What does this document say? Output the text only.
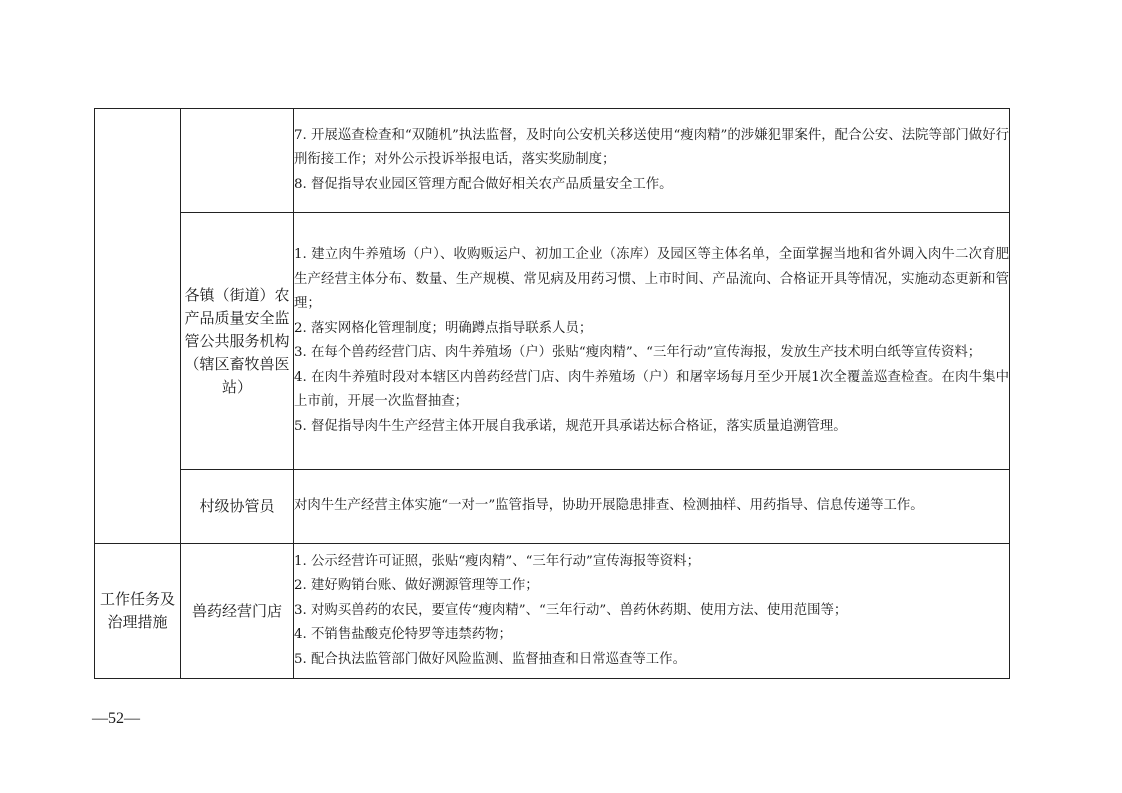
		7. 开展巡查检查和“双随机”执法监督，及时向公安机关移送使用“瘦肉精”的涉嫌犯罪案件，配合公安、法院等部门做好行刑衔接工作；对外公示投诉举报电话，落实奖励制度；
8. 督促指导农业园区管理方配合做好相关农产品质量安全工作。

	各镇（街道）农产品质量安全监管公共服务机构（辖区畜牧兽医站）	1. 建立肉牛养殖场（户）、收购贩运户、初加工企业（冻库）及园区等主体名单，全面掌握当地和省外调入肉牛二次育肥生产经营主体分布、数量、生产规模、常见病及用药习惯、上市时间、产品流向、合格证开具等情况，实施动态更新和管理；
2. 落实网格化管理制度；明确蹲点指导联系人员；
3. 在每个兽药经营门店、肉牛养殖场（户）张贴“瘦肉精”、“三年行动”宣传海报，发放生产技术明白纸等宣传资料；
4. 在肉牛养殖时段对本辖区内兽药经营门店、肉牛养殖场（户）和屠宰场每月至少开展1次全覆盖巡查检查。在肉牛集中上市前，开展一次监督抽查；
5. 督促指导肉牛生产经营主体开展自我承诺，规范开具承诺达标合格证，落实质量追溯管理。

	村级协管员	对肉牛生产经营主体实施“一对一”监管指导，协助开展隐患排查、检测抽样、用药指导、信息传递等工作。

工作任务及治理措施	兽药经营门店	1. 公示经营许可证照，张贴“瘦肉精”、“三年行动”宣传海报等资料；
2. 建好购销台账、做好溯源管理等工作；
3. 对购买兽药的农民，要宣传“瘦肉精”、“三年行动”、兽药休药期、使用方法、使用范围等；
4. 不销售盐酸克伦特罗等违禁药物；
5. 配合执法监管部门做好风险监测、监督抽查和日常巡查等工作。
—52—
